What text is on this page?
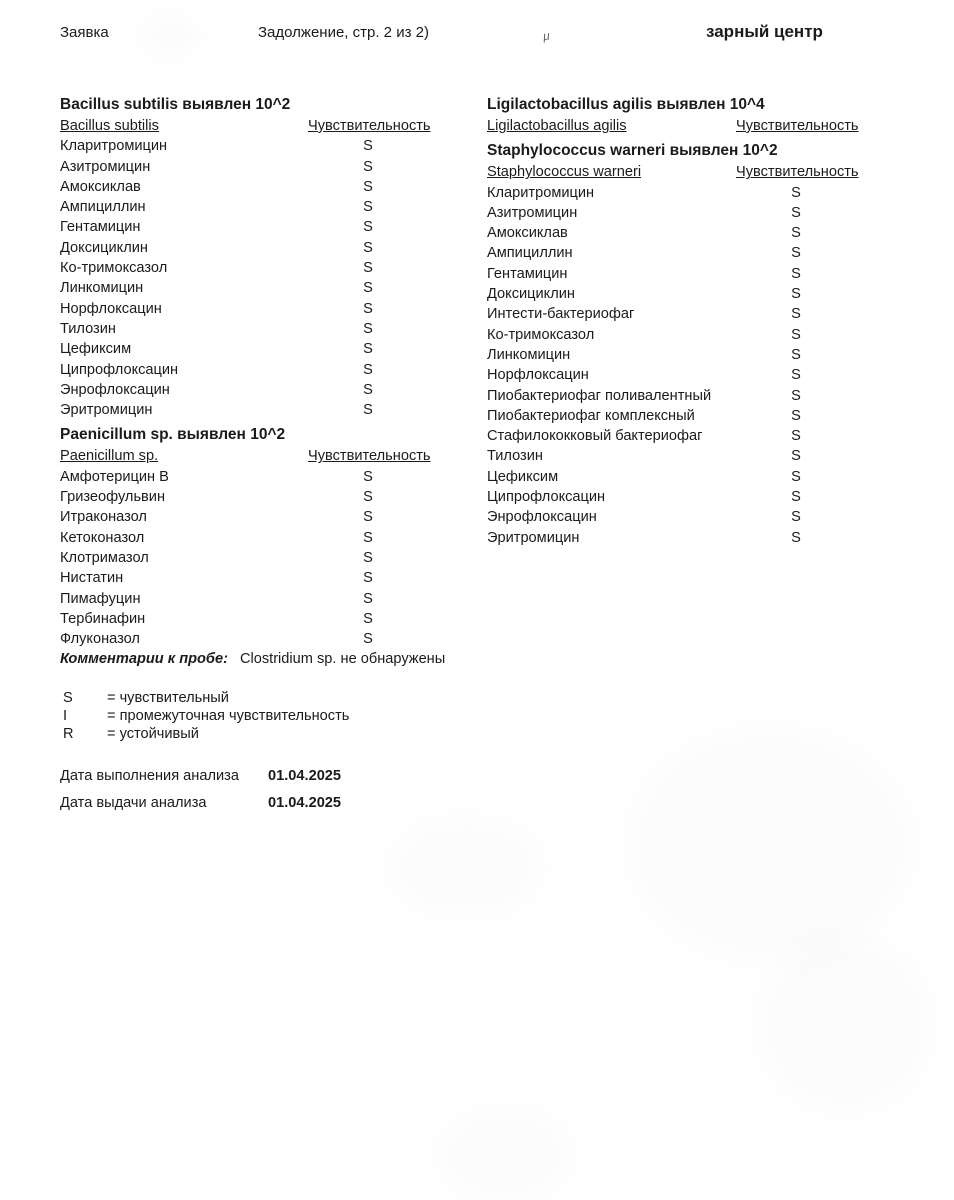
Заявка	Задолжение, стр. 2 из 2)	μ	зарный центр
Bacillus subtilis выявлен 10^2
Bacillus subtilis	Чувствительность
Кларитромицин	S
Азитромицин	S
Амоксиклав	S
Ампициллин	S
Гентамицин	S
Доксициклин	S
Ко-тримоксазол	S
Линкомицин	S
Норфлоксацин	S
Тилозин	S
Цефиксим	S
Ципрофлоксацин	S
Энрофлоксацин	S
Эритромицин	S
Paenicillum sp. выявлен 10^2
Paenicillum sp.	Чувствительность
Амфотерицин В	S
Гризеофульвин	S
Итраконазол	S
Кетоконазол	S
Клотримазол	S
Нистатин	S
Пимафуцин	S
Тербинафин	S
Флуконазол	S
Комментарии к пробе: Clostridium sp. не обнаружены
Ligilactobacillus agilis выявлен 10^4
Ligilactobacillus agilis	Чувствительность
Staphylococcus warneri выявлен 10^2
Staphylococcus warneri	Чувствительность
Кларитромицин	S
Азитромицин	S
Амоксиклав	S
Ампициллин	S
Гентамицин	S
Доксициклин	S
Интести-бактериофаг	S
Ко-тримоксазол	S
Линкомицин	S
Норфлоксацин	S
Пиобактериофаг поливалентный	S
Пиобактериофаг комплексный	S
Стафилококковый бактериофаг	S
Тилозин	S
Цефиксим	S
Ципрофлоксацин	S
Энрофлоксацин	S
Эритромицин	S
S	= чувствительный
I	= промежуточная чувствительность
R	= устойчивый
Дата выполнения анализа	01.04.2025
Дата выдачи анализа	01.04.2025
